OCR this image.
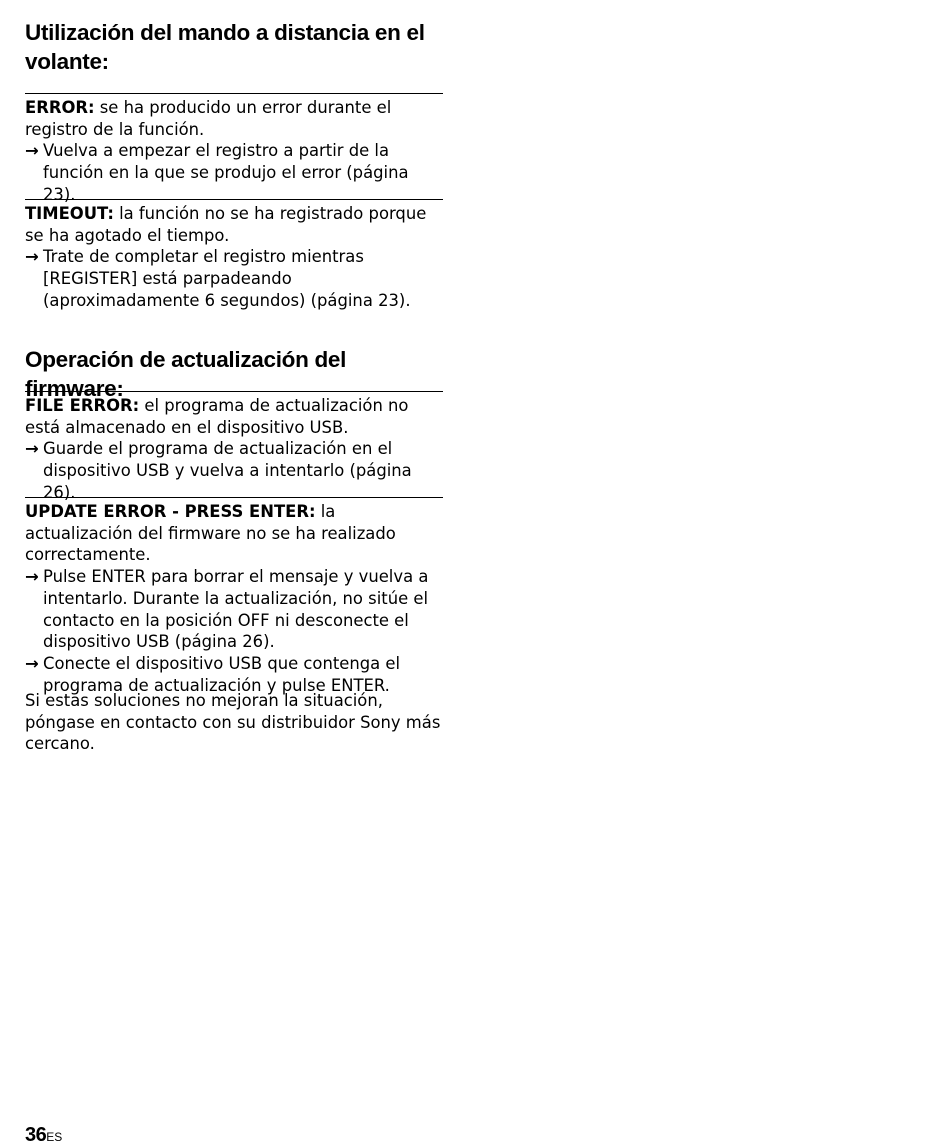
Utilización del mando a distancia en el volante:

ERROR: se ha producido un error durante el registro de la función.

→ Vuelva a empezar el registro a partir de la función en la que se produjo el error (página 23).

TIMEOUT: la función no se ha registrado porque se ha agotado el tiempo.

→ Trate de completar el registro mientras [REGISTER] está parpadeando (aproximadamente 6 segundos) (página 23).

Operación de actualización del firmware:

FILE ERROR: el programa de actualización no está almacenado en el dispositivo USB.

→ Guarde el programa de actualización en el dispositivo USB y vuelva a intentarlo (página 26).

UPDATE ERROR - PRESS ENTER: la actualización del firmware no se ha realizado correctamente.

→ Pulse ENTER para borrar el mensaje y vuelva a intentarlo. Durante la actualización, no sitúe el contacto en la posición OFF ni desconecte el dispositivo USB (página 26).

→ Conecte el dispositivo USB que contenga el programa de actualización y pulse ENTER.

Si estas soluciones no mejoran la situación, póngase en contacto con su distribuidor Sony más cercano.

36ES
